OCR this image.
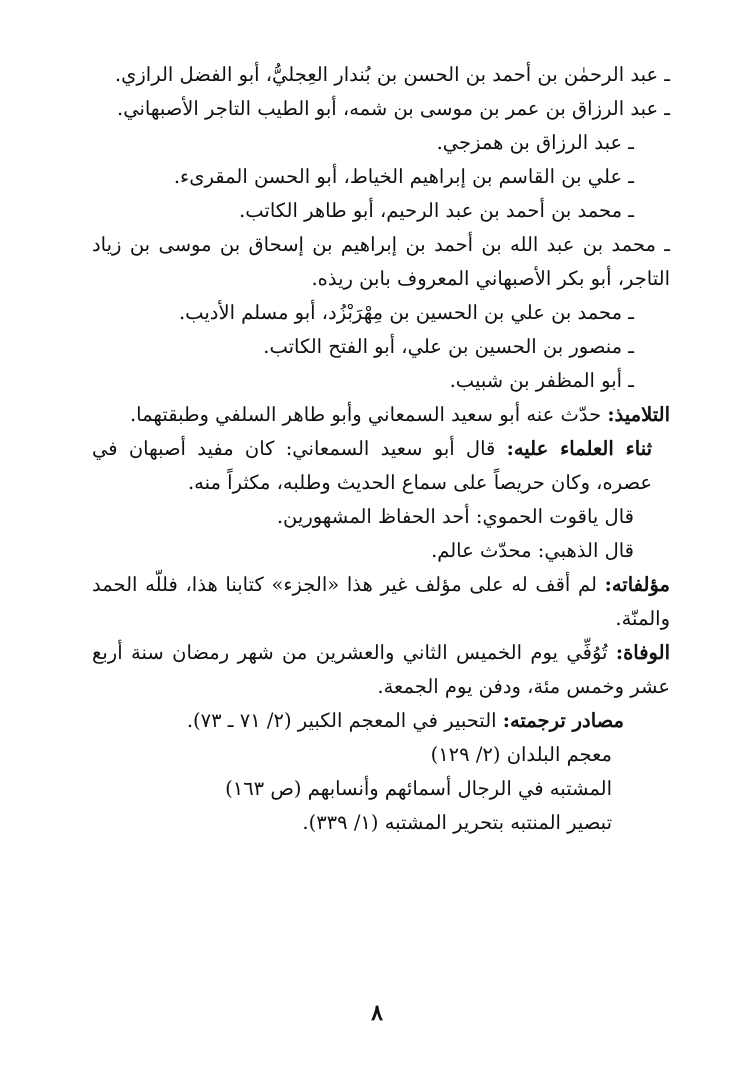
ـ عبد الرحمٰن بن أحمد بن الحسن بن بُندار العِجليُّ، أبو الفضل الرازي.

ـ عبد الرزاق بن عمر بن موسى بن شمه، أبو الطيب التاجر الأصبهاني.

ـ عبد الرزاق بن همزجي.

ـ علي بن القاسم بن إبراهيم الخياط، أبو الحسن المقرىء.

ـ محمد بن أحمد بن عبد الرحيم، أبو طاهر الكاتب.

ـ محمد بن عبد الله بن أحمد بن إبراهيم بن إسحاق بن موسى بن زياد التاجر، أبو بكر الأصبهاني المعروف بابن ريذه.

ـ محمد بن علي بن الحسين بن مِهْرَبْزُد، أبو مسلم الأديب.

ـ منصور بن الحسين بن علي، أبو الفتح الكاتب.

ـ أبو المظفر بن شبيب.

التلاميذ: حدّث عنه أبو سعيد السمعاني وأبو طاهر السلفي وطبقتهما.

ثناء العلماء عليه: قال أبو سعيد السمعاني: كان مفيد أصبهان في عصره، وكان حريصاً على سماع الحديث وطلبه، مكثراً منه.

قال ياقوت الحموي: أحد الحفاظ المشهورين.

قال الذهبي: محدّث عالم.

مؤلفاته: لم أقف له على مؤلف غير هذا «الجزء» كتابنا هذا، فللّه الحمد والمنّة.

الوفاة: تُوُفِّي يوم الخميس الثاني والعشرين من شهر رمضان سنة أربع عشر وخمس مئة، ودفن يوم الجمعة.

مصادر ترجمته: التحبير في المعجم الكبير (٢/ ٧١ ـ ٧٣).

معجم البلدان (٢/ ١٢٩)

المشتبه في الرجال أسمائهم وأنسابهم (ص ١٦٣)

تبصير المنتبه بتحرير المشتبه (١/ ٣٣٩).

٨
